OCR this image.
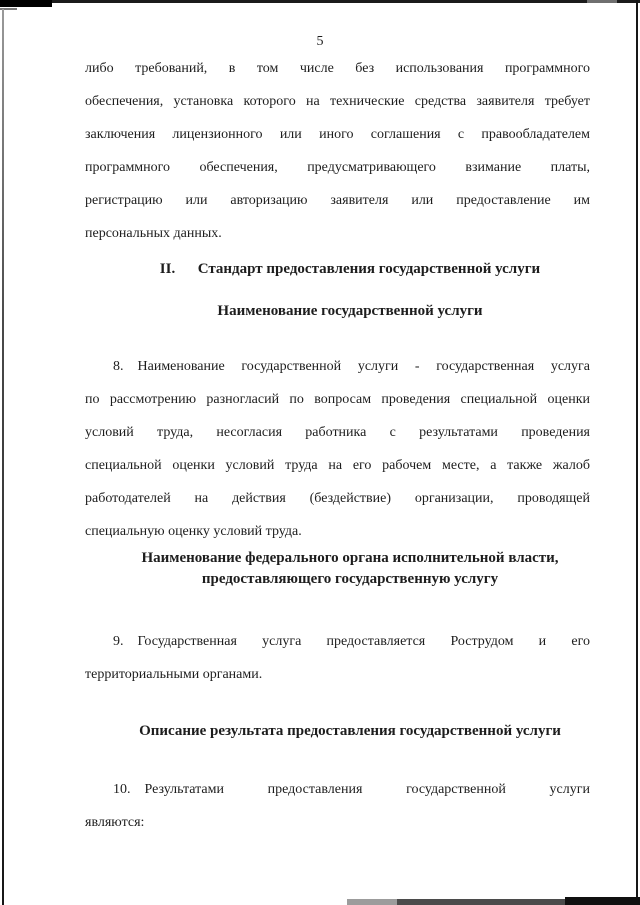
5
либо требований, в том числе без использования программного
обеспечения, установка которого на технические средства заявителя требует
заключения лицензионного или иного соглашения с правообладателем
программного обеспечения, предусматривающего взимание платы,
регистрацию или авторизацию заявителя или предоставление им
персональных данных.
II.  Стандарт предоставления государственной услуги
Наименование государственной услуги
8. Наименование государственной услуги - государственная услуга
по рассмотрению разногласий по вопросам проведения специальной оценки
условий труда, несогласия работника с результатами проведения
специальной оценки условий труда на его рабочем месте, а также жалоб
работодателей на действия (бездействие) организации, проводящей
специальную оценку условий труда.
Наименование федерального органа исполнительной власти,
предоставляющего государственную услугу
9. Государственная услуга предоставляется Рострудом и его
территориальными органами.
Описание результата предоставления государственной услуги
10. Результатами предоставления государственной услуги
являются:
